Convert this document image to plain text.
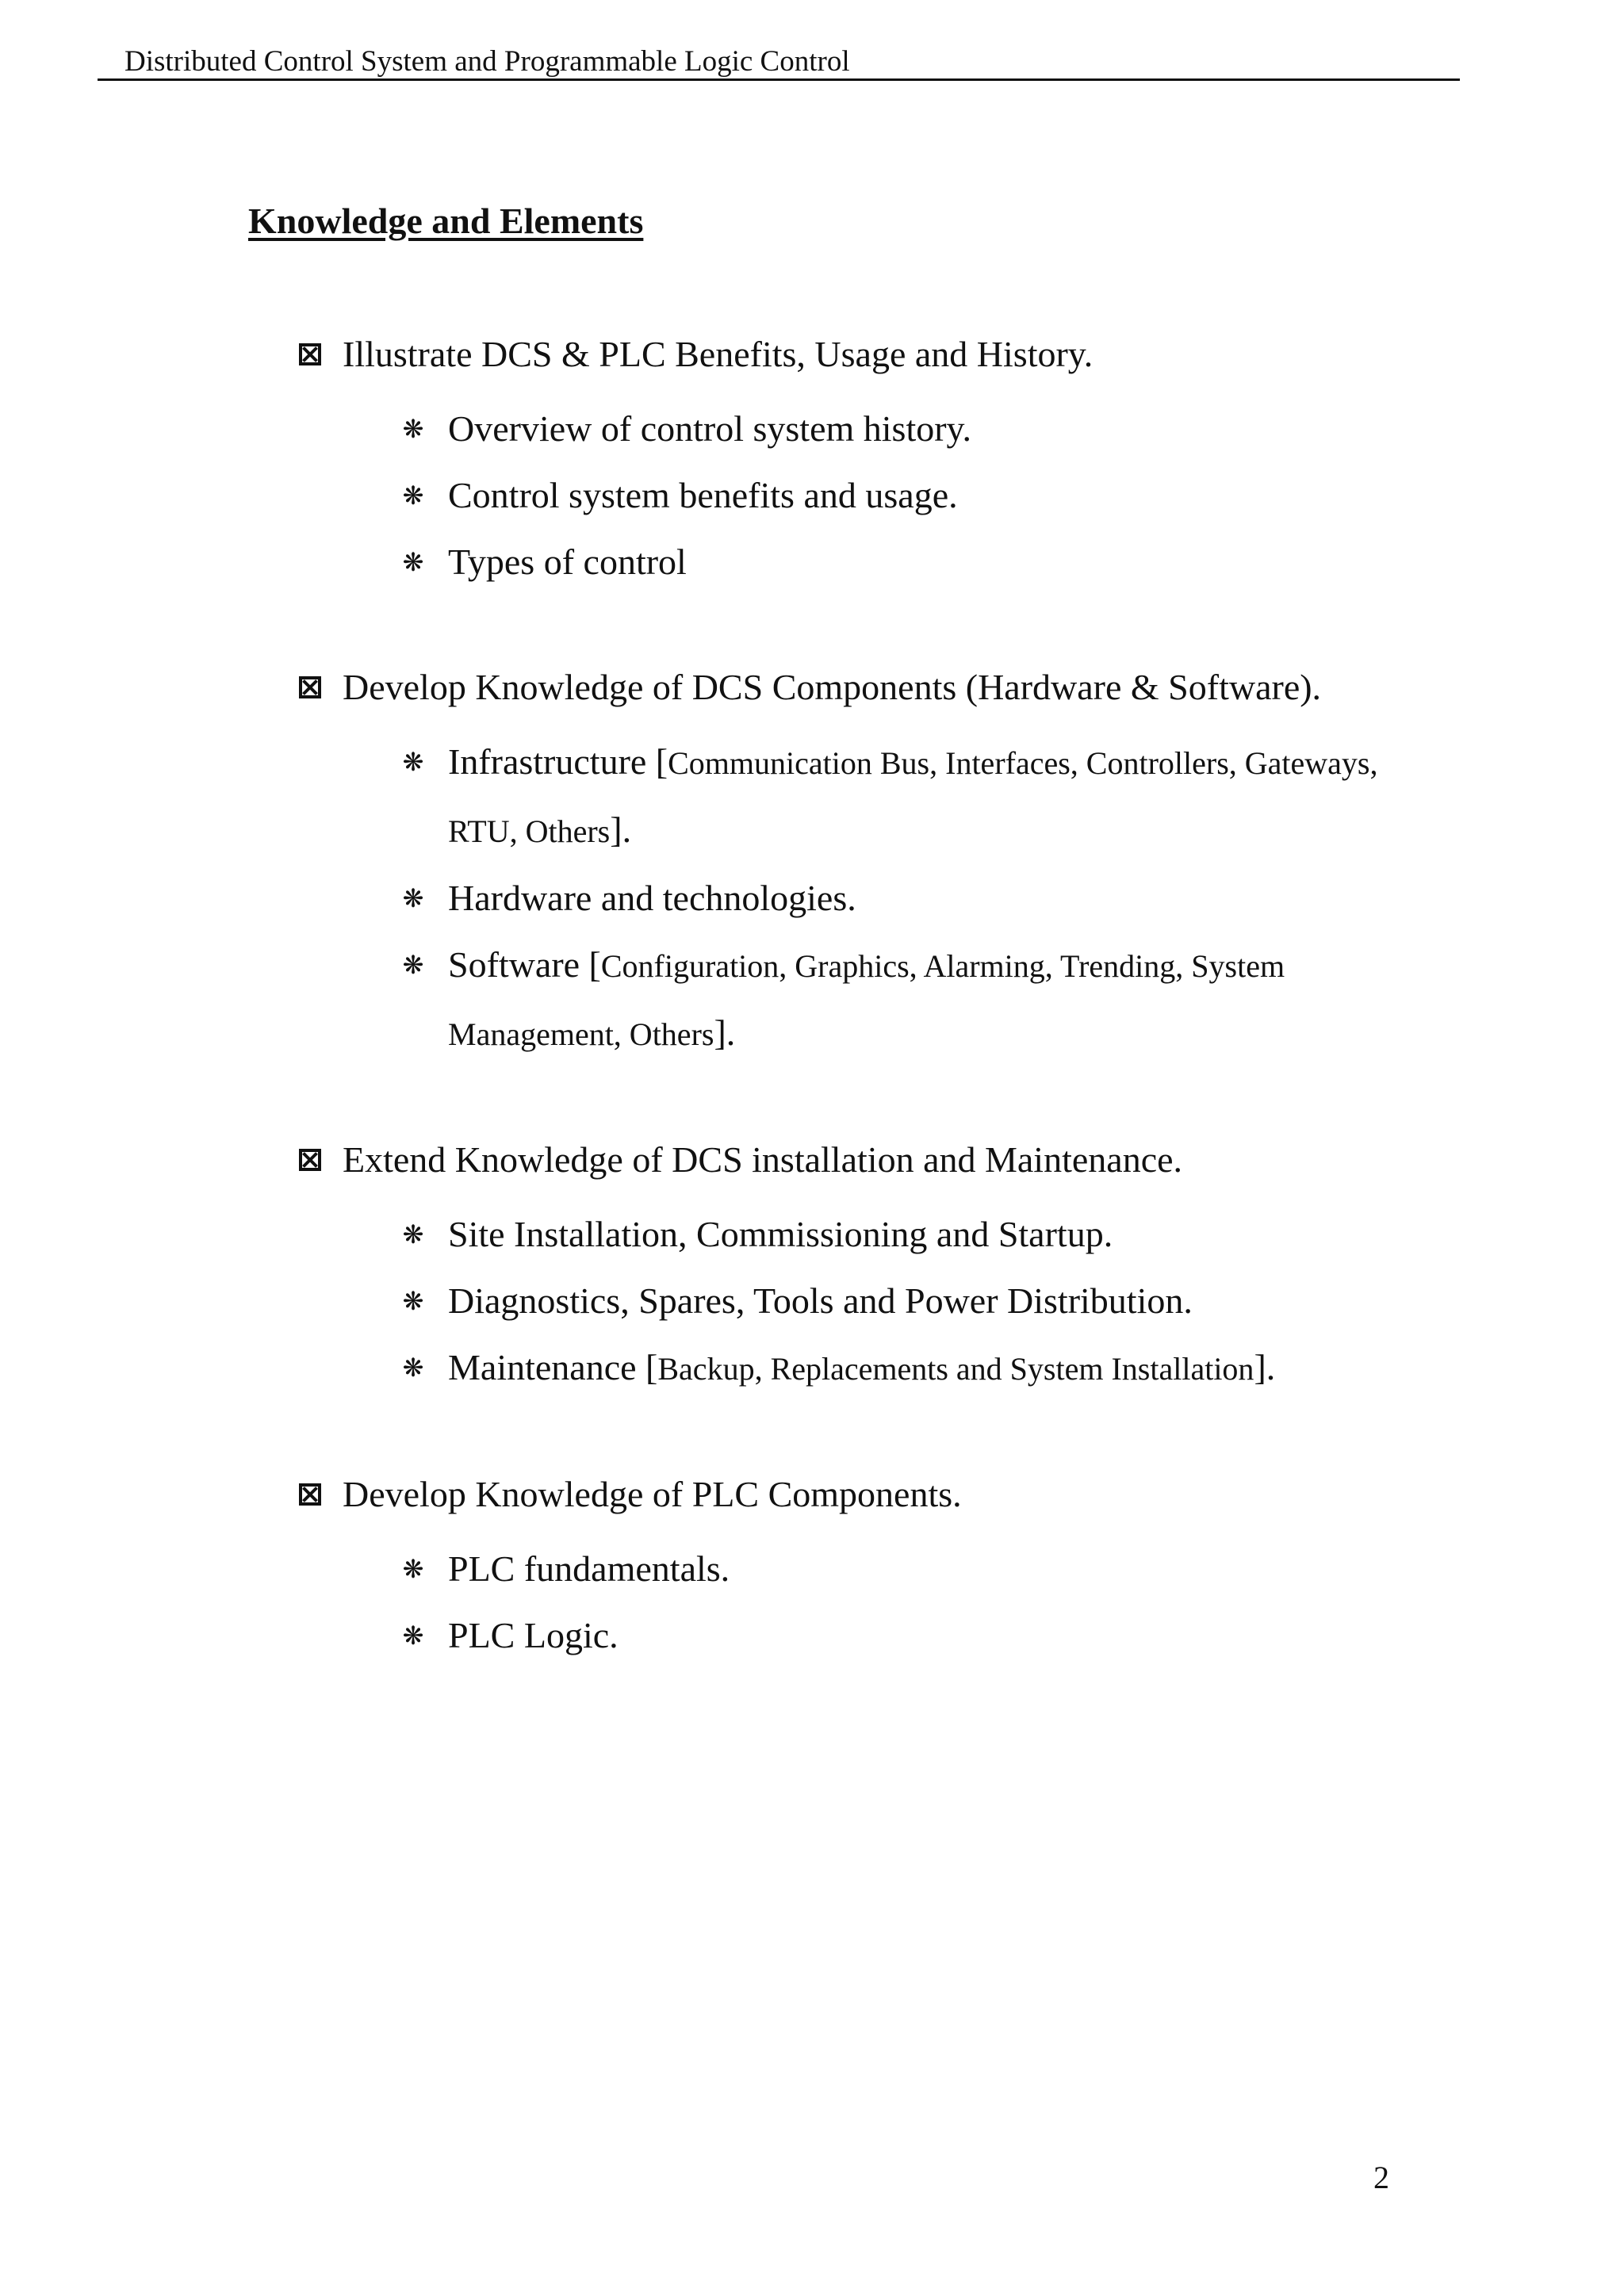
Distributed Control System and Programmable Logic Control
Knowledge and Elements
Illustrate DCS & PLC Benefits, Usage and History.
❋ Overview of control system history.
❋ Control system benefits and usage.
❋ Types of control
Develop Knowledge of DCS Components (Hardware & Software).
❋ Infrastructure [Communication Bus, Interfaces, Controllers, Gateways, RTU, Others].
❋ Hardware and technologies.
❋ Software [Configuration, Graphics, Alarming, Trending, System Management, Others].
Extend Knowledge of DCS installation and Maintenance.
❋ Site Installation, Commissioning and Startup.
❋ Diagnostics, Spares, Tools and Power Distribution.
❋ Maintenance [Backup, Replacements and System Installation].
Develop Knowledge of PLC Components.
❋ PLC fundamentals.
❋ PLC Logic.
2
